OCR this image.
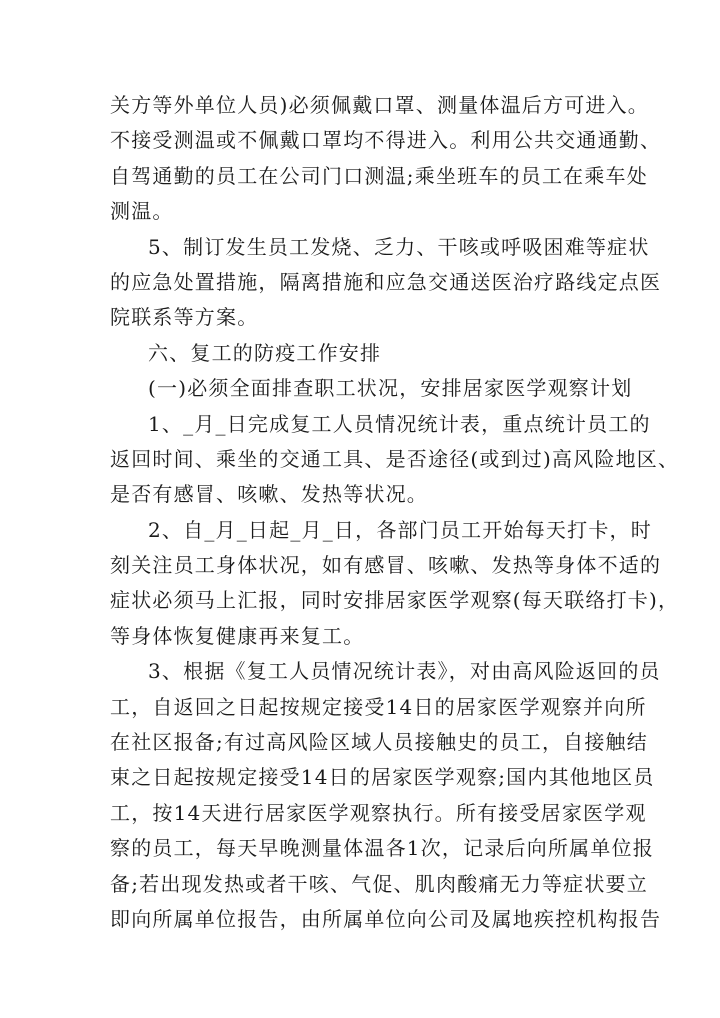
关方等外单位人员)必须佩戴口罩、测量体温后方可进入。
不接受测温或不佩戴口罩均不得进入。利用公共交通通勤、
自驾通勤的员工在公司门口测温;乘坐班车的员工在乘车处
测温。
5、制订发生员工发烧、乏力、干咳或呼吸困难等症状
的应急处置措施，隔离措施和应急交通送医治疗路线定点医
院联系等方案。
六、复工的防疫工作安排
(一)必须全面排查职工状况，安排居家医学观察计划
1、_月_日完成复工人员情况统计表，重点统计员工的
返回时间、乘坐的交通工具、是否途径(或到过)高风险地区、
是否有感冒、咳嗽、发热等状况。
2、自_月_日起_月_日，各部门员工开始每天打卡，时
刻关注员工身体状况，如有感冒、咳嗽、发热等身体不适的
症状必须马上汇报，同时安排居家医学观察(每天联络打卡)，
等身体恢复健康再来复工。
3、根据《复工人员情况统计表》，对由高风险返回的员
工，自返回之日起按规定接受14日的居家医学观察并向所
在社区报备;有过高风险区域人员接触史的员工，自接触结
束之日起按规定接受14日的居家医学观察;国内其他地区员
工，按14天进行居家医学观察执行。所有接受居家医学观
察的员工，每天早晚测量体温各1次，记录后向所属单位报
备;若出现发热或者干咳、气促、肌肉酸痛无力等症状要立
即向所属单位报告，由所属单位向公司及属地疾控机构报告
